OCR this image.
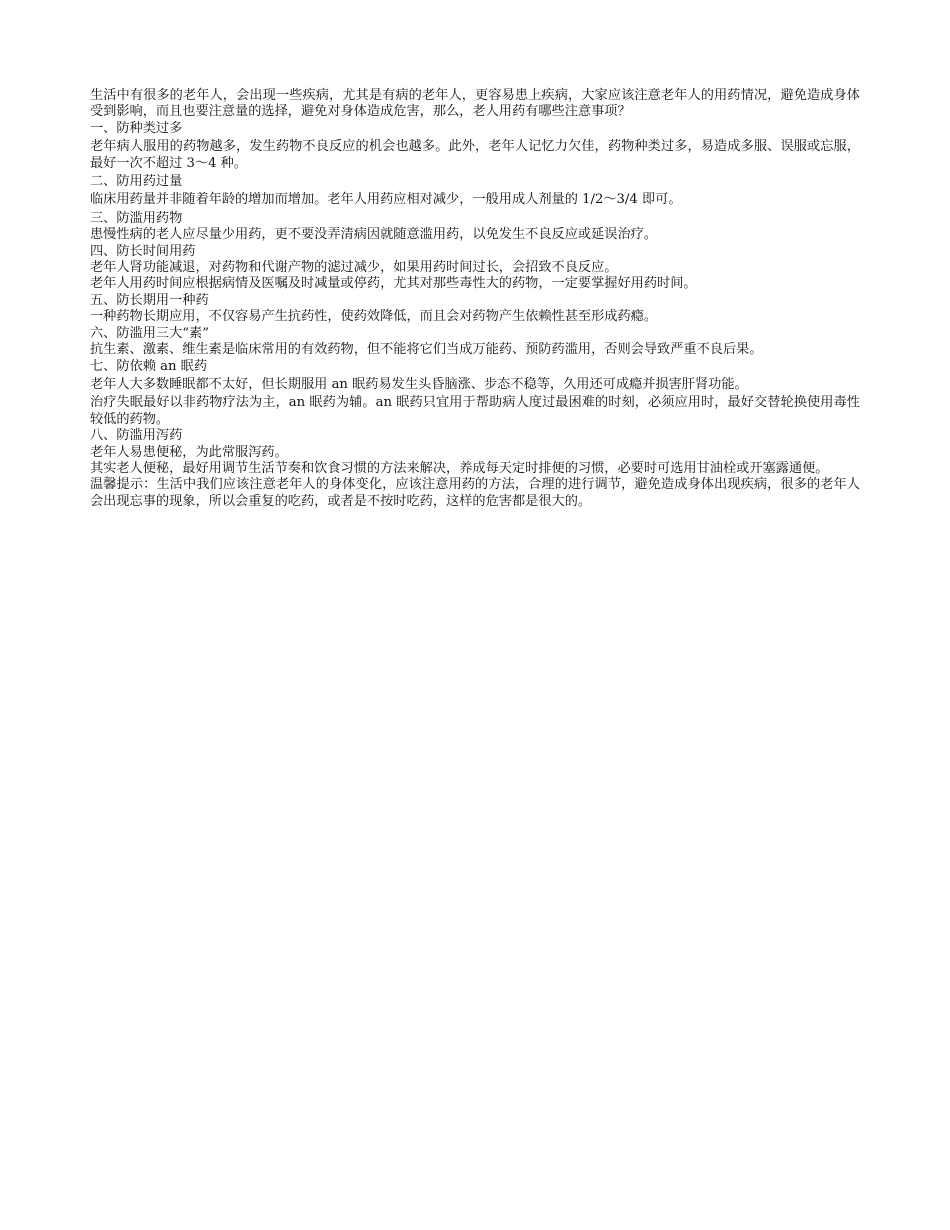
生活中有很多的老年人，会出现一些疾病，尤其是有病的老年人，更容易患上疾病，大家应该注意老年人的用药情况，避免造成身体受到影响，而且也要注意量的选择，避免对身体造成危害，那么，老人用药有哪些注意事项？

一、防种类过多

老年病人服用的药物越多，发生药物不良反应的机会也越多。此外，老年人记忆力欠佳，药物种类过多，易造成多服、误服或忘服，最好一次不超过 3～4 种。

二、防用药过量

临床用药量并非随着年龄的增加而增加。老年人用药应相对减少，一般用成人剂量的 1/2～3/4 即可。

三、防滥用药物

患慢性病的老人应尽量少用药，更不要没弄清病因就随意滥用药，以免发生不良反应或延误治疗。

四、防长时间用药

老年人肾功能减退，对药物和代谢产物的滤过减少，如果用药时间过长，会招致不良反应。

老年人用药时间应根据病情及医嘱及时减量或停药，尤其对那些毒性大的药物，一定要掌握好用药时间。

五、防长期用一种药

一种药物长期应用，不仅容易产生抗药性，使药效降低，而且会对药物产生依赖性甚至形成药瘾。

六、防滥用三大“素”

抗生素、激素、维生素是临床常用的有效药物，但不能将它们当成万能药、预防药滥用，否则会导致严重不良后果。

七、防依赖 an 眠药

老年人大多数睡眠都不太好，但长期服用 an 眠药易发生头昏脑涨、步态不稳等，久用还可成瘾并损害肝肾功能。

治疗失眠最好以非药物疗法为主，an 眠药为辅。an 眠药只宜用于帮助病人度过最困难的时刻，必须应用时，最好交替轮换使用毒性较低的药物。

八、防滥用泻药

老年人易患便秘，为此常服泻药。

其实老人便秘，最好用调节生活节奏和饮食习惯的方法来解决，养成每天定时排便的习惯，必要时可选用甘油栓或开塞露通便。

温馨提示：生活中我们应该注意老年人的身体变化，应该注意用药的方法，合理的进行调节，避免造成身体出现疾病，很多的老年人会出现忘事的现象，所以会重复的吃药，或者是不按时吃药，这样的危害都是很大的。
